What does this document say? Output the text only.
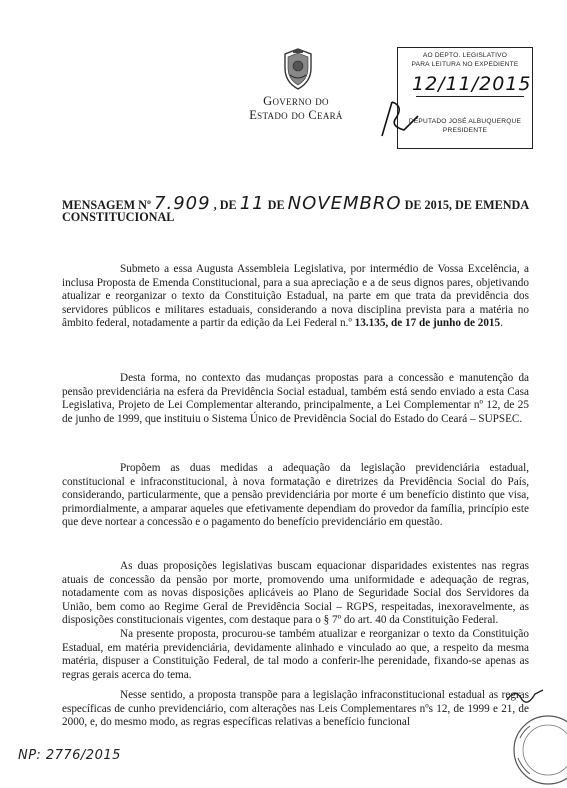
Governo do
Estado do Ceará
AO DEPTO. LEGISLATIVO
PARA LEITURA NO EXPEDIENTE
12/11/2015
DEPUTADO JOSÉ ALBUQUERQUE
PRESIDENTE
MENSAGEM Nº 7.909 , DE 11 DE NOVEMBRO DE 2015, DE EMENDA
CONSTITUCIONAL

Submeto a essa Augusta Assembleia Legislativa, por intermédio de Vossa Excelência, a inclusa Proposta de Emenda Constitucional, para a sua apreciação e a de seus dignos pares, objetivando atualizar e reorganizar o texto da Constituição Estadual, na parte em que trata da previdência dos servidores públicos e militares estaduais, considerando a nova disciplina prevista para a matéria no âmbito federal, notadamente a partir da edição da Lei Federal n.º 13.135, de 17 de junho de 2015.

Desta forma, no contexto das mudanças propostas para a concessão e manutenção da pensão previdenciária na esfera da Previdência Social estadual, também está sendo enviado a esta Casa Legislativa, Projeto de Lei Complementar alterando, principalmente, a Lei Complementar nº 12, de 25 de junho de 1999, que instituiu o Sistema Único de Previdência Social do Estado do Ceará – SUPSEC.

Propõem as duas medidas a adequação da legislação previdenciária estadual, constitucional e infraconstitucional, à nova formatação e diretrizes da Previdência Social do País, considerando, particularmente, que a pensão previdenciária por morte é um benefício distinto que visa, primordialmente, a amparar aqueles que efetivamente dependiam do provedor da família, princípio este que deve nortear a concessão e o pagamento do benefício previdenciário em questão.

As duas proposições legislativas buscam equacionar disparidades existentes nas regras atuais de concessão da pensão por morte, promovendo uma uniformidade e adequação de regras, notadamente com as novas disposições aplicáveis ao Plano de Seguridade Social dos Servidores da União, bem como ao Regime Geral de Previdência Social – RGPS, respeitadas, inexoravelmente, as disposições constitucionais vigentes, com destaque para o § 7º do art. 40 da Constituição Federal.

Na presente proposta, procurou-se também atualizar e reorganizar o texto da Constituição Estadual, em matéria previdenciária, devidamente alinhado e vinculado ao que, a respeito da mesma matéria, dispuser a Constituição Federal, de tal modo a conferir-lhe perenidade, fixando-se apenas as regras gerais acerca do tema.

Nesse sentido, a proposta transpõe para a legislação infraconstitucional estadual as regras específicas de cunho previdenciário, com alterações nas Leis Complementares nºs 12, de 1999 e 21, de 2000, e, do mesmo modo, as regras específicas relativas a benefício funcional

NP: 2776/2015
